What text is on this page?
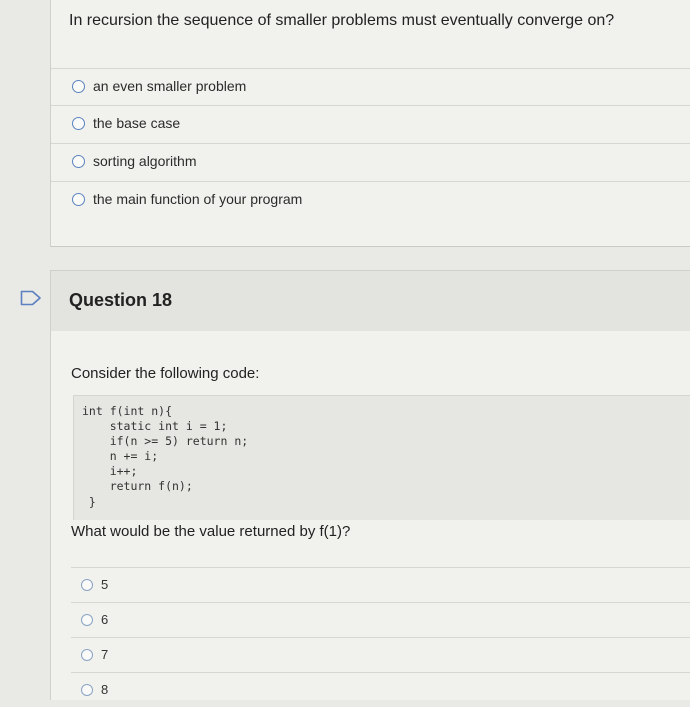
In recursion the sequence of smaller problems must eventually converge on?
an even smaller problem
the base case
sorting algorithm
the main function of your program
Question 18
Consider the following code:
int f(int n){
static int i = 1;
if(n >= 5) return n;
n += i;
i++;
return f(n);
}
What would be the value returned by f(1)?
5
6
7
8
